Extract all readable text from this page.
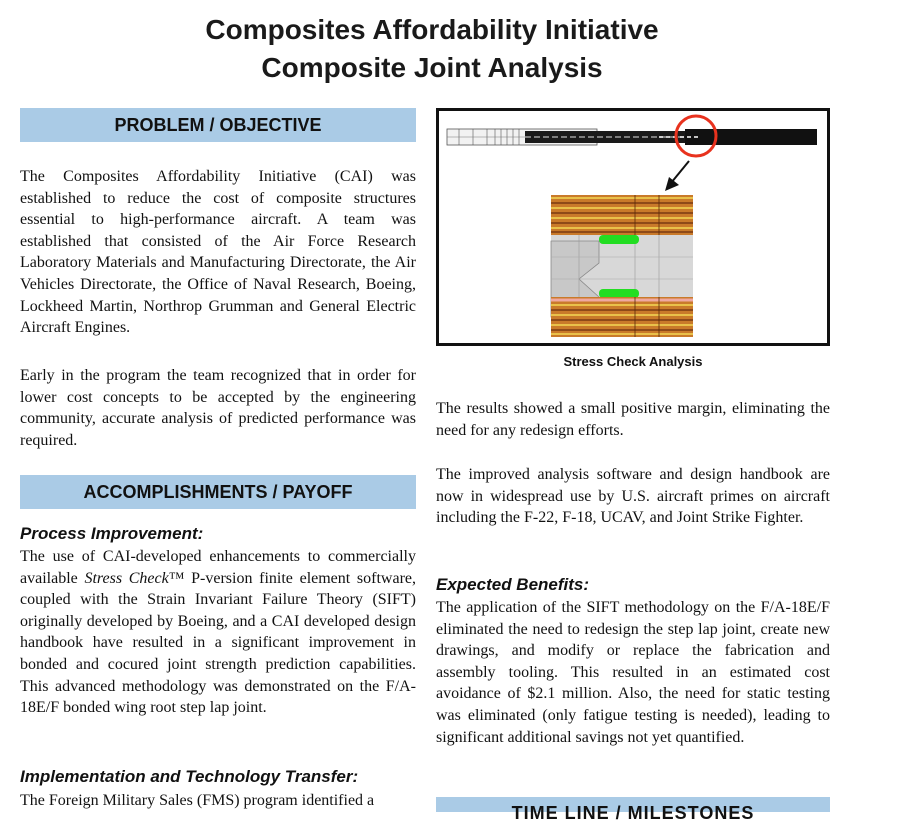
Composites Affordability Initiative
Composite Joint Analysis
PROBLEM / OBJECTIVE
The Composites Affordability Initiative (CAI) was established to reduce the cost of composite structures essential to high-performance aircraft. A team was established that consisted of the Air Force Research Laboratory Materials and Manufacturing Directorate, the Air Vehicles Directorate, the Office of Naval Research, Boeing, Lockheed Martin, Northrop Grumman and General Electric Aircraft Engines.
Early in the program the team recognized that in order for lower cost concepts to be accepted by the engineering community, accurate analysis of predicted performance was required.
ACCOMPLISHMENTS / PAYOFF
Process Improvement:
The use of CAI-developed enhancements to commercially available Stress Check™ P-version finite element software, coupled with the Strain Invariant Failure Theory (SIFT) originally developed by Boeing, and a CAI developed design handbook have resulted in a significant improvement in bonded and cocured joint strength prediction capabilities. This advanced methodology was demonstrated on the F/A-18E/F bonded wing root step lap joint.
Implementation and Technology Transfer:
The Foreign Military Sales (FMS) program identified a
Stress Check Analysis
The results showed a small positive margin, eliminating the need for any redesign efforts.
The improved analysis software and design handbook are now in widespread use by U.S. aircraft primes on aircraft including the F-22, F-18, UCAV, and Joint Strike Fighter.
Expected Benefits:
The application of the SIFT methodology on the F/A-18E/F eliminated the need to redesign the step lap joint, create new drawings, and modify or replace the fabrication and assembly tooling. This resulted in an estimated cost avoidance of $2.1 million. Also, the need for static testing was eliminated (only fatigue testing is needed), leading to significant additional savings not yet quantified.
TIME LINE / MILESTONES
